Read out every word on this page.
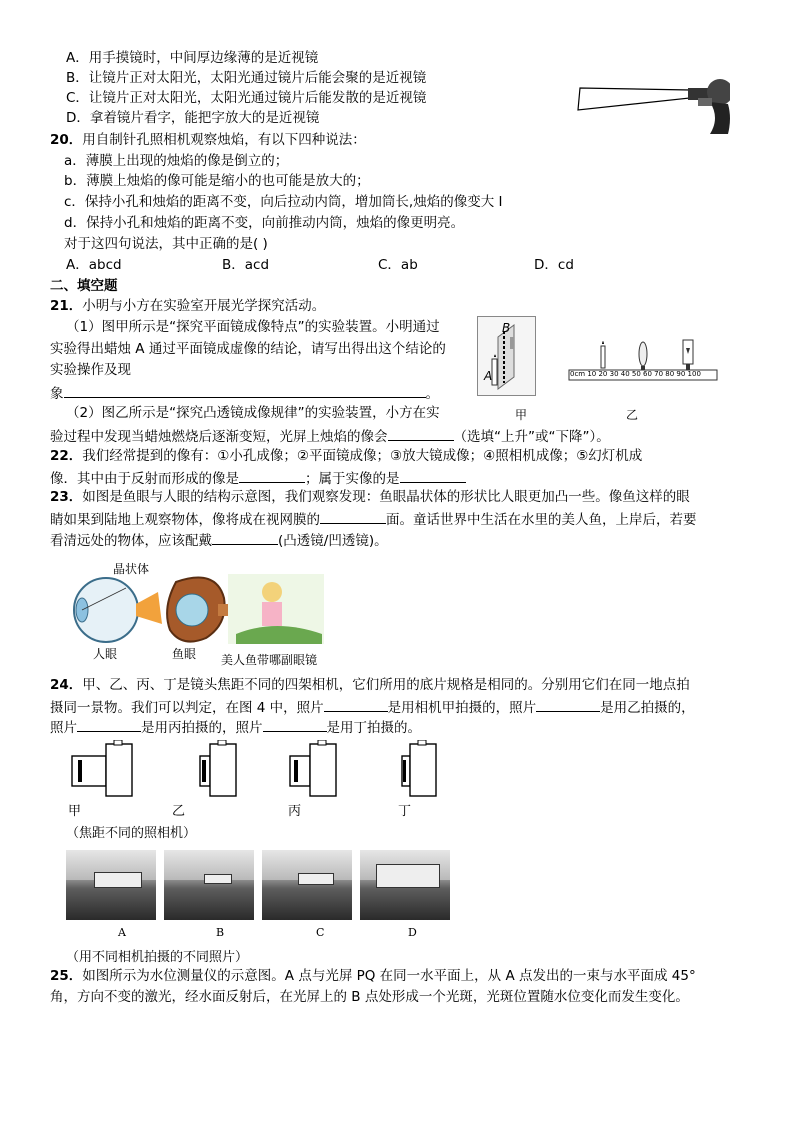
A．用手摸镜时，中间厚边缘薄的是近视镜
B．让镜片正对太阳光，太阳光通过镜片后能会聚的是近视镜
C．让镜片正对太阳光，太阳光通过镜片后能发散的是近视镜
D．拿着镜片看字，能把字放大的是近视镜
20．用自制针孔照相机观察烛焰，有以下四种说法：
a．薄膜上出现的烛焰的像是倒立的；
b．薄膜上烛焰的像可能是缩小的也可能是放大的；
c．保持小孔和烛焰的距离不变，向后拉动内筒，增加筒长,烛焰的像变大 I
d．保持小孔和烛焰的距离不变，向前推动内筒，烛焰的像更明亮。
对于这四句说法，其中正确的是( )
A．abcd	B．acd	C．ab	D．cd
二、填空题
21．小明与小方在实验室开展光学探究活动。
（1）图甲所示是“探究平面镜成像特点”的实验装置。小明通过
实验得出蜡烛 A 通过平面镜成虚像的结论，请写出得出这个结论的
实验操作及现
象	。
（2）图乙所示是“探究凸透镜成像规律”的实验装置，小方在实
验过程中发现当蜡烛燃烧后逐渐变短，光屏上烛焰的像会	（选填“上升”或“下降”）。
B
A
甲
0cm 10 20 30 40 50 60 70 80 90 100
乙
22．我们经常提到的像有：①小孔成像；②平面镜成像；③放大镜成像；④照相机成像；⑤幻灯机成
像．其中由于反射而形成的像是	；属于实像的是
23．如图是鱼眼与人眼的结构示意图，我们观察发现：鱼眼晶状体的形状比人眼更加凸一些。像鱼这样的眼
睛如果到陆地上观察物体，像将成在视网膜的	面。童话世界中生活在水里的美人鱼，上岸后，若要
看清远处的物体，应该配戴	(凸透镜/凹透镜)。
晶状体
人眼	鱼眼 美人鱼带哪副眼镜
24．甲、乙、丙、丁是镜头焦距不同的四架相机，它们所用的底片规格是相同的。分别用它们在同一地点拍
摄同一景物。我们可以判定，在图 4 中，照片	是用相机甲拍摄的，照片	是用乙拍摄的，
照片	是用丙拍摄的，照片	是用丁拍摄的。
甲	乙	丙	丁
（焦距不同的照相机）
A	B	C	D
（用不同相机拍摄的不同照片）
25．如图所示为水位测量仪的示意图。A 点与光屏 PQ 在同一水平面上，从 A 点发出的一束与水平面成 45°
角，方向不变的激光，经水面反射后，在光屏上的 B 点处形成一个光斑，光斑位置随水位变化而发生变化。
